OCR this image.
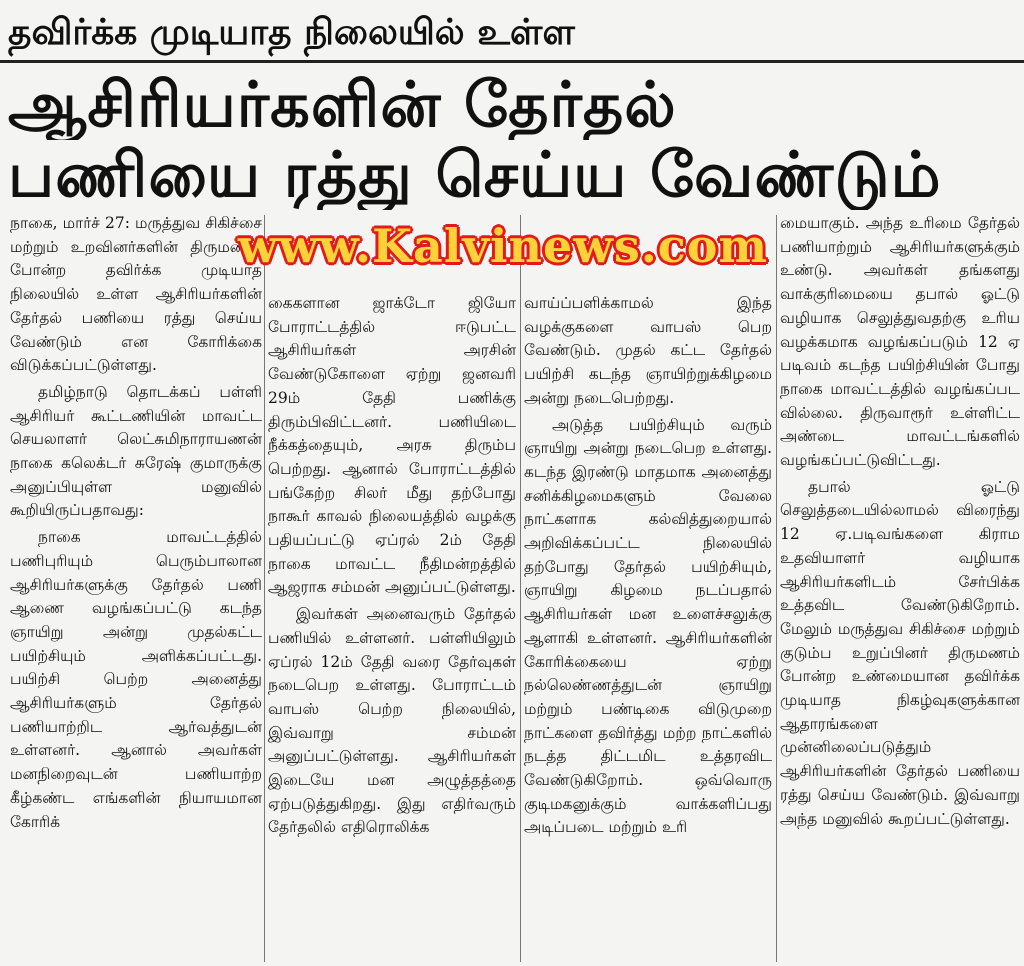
தவிர்க்க முடியாத நிலையில் உள்ள
ஆசிரியர்களின் தேர்தல்
பணியை ரத்து செய்ய வேண்டும்

நாகை, மார்ச் 27: மருத்துவ சிகிச்சை மற்றும் உறவினர்களின் திருமணம் போன்ற தவிர்க்க முடியாத நிலையில் உள்ள ஆசிரியர்களின் தேர்தல் பணியை ரத்து செய்ய வேண்டும் என கோரிக்கை விடுக்கப்பட்டுள்ளது.

தமிழ்நாடு தொடக்கப் பள்ளி ஆசிரியர் கூட்டணியின் மாவட்ட செயலாளர் லெட்சுமிநாராயணன் நாகை கலெக்டர் சுரேஷ் குமாருக்கு அனுப்பியுள்ள மனுவில் கூறியிருப்பதாவது:

நாகை மாவட்டத்தில் பணிபுரியும் பெரும்பாலான ஆசிரியர்களுக்கு தேர்தல் பணி ஆணை வழங்கப்பட்டு கடந்த ஞாயிறு அன்று முதல்கட்ட பயிற்சியும் அளிக்கப்பட்டது. பயிற்சி பெற்ற அனைத்து ஆசிரியர்களும் தேர்தல் பணியாற்றிட ஆர்வத்துடன் உள்ளனர். ஆனால் அவர்கள் மனநிறைவுடன் பணியாற்ற கீழ்கண்ட எங்களின் நியாயமான கோரிக்

கைகளான ஜாக்டோ ஜியோ போராட்டத்தில் ஈடுபட்ட ஆசிரியர்கள் அரசின் வேண்டுகோளை ஏற்று ஜனவரி 29ம் தேதி பணிக்கு திரும்பிவிட்டனர். பணியிடை நீக்கத்தையும், அரசு திரும்ப பெற்றது. ஆனால் போராட்டத்தில் பங்கேற்ற சிலர் மீது தற்போது நாகூர் காவல் நிலையத்தில் வழக்கு பதியப்பட்டு ஏப்ரல் 2ம் தேதி நாகை மாவட்ட நீதிமன்றத்தில் ஆஜராக சம்மன் அனுப்பட்டுள்ளது.

இவர்கள் அனைவரும் தேர்தல் பணியில் உள்ளனர். பள்ளியிலும் ஏப்ரல் 12ம் தேதி வரை தேர்வுகள் நடைபெற உள்ளது. போராட்டம் வாபஸ் பெற்ற நிலையில், இவ்வாறு சம்மன் அனுப்பட்டுள்ளது. ஆசிரியர்கள் இடையே மன அழுத்தத்தை ஏற்படுத்துகிறது. இது எதிர்வரும் தேர்தலில் எதிரொலிக்க

வாய்ப்பளிக்காமல் இந்த வழக்குகளை வாபஸ் பெற வேண்டும். முதல் கட்ட தேர்தல் பயிற்சி கடந்த ஞாயிற்றுக்கிழமை அன்று நடைபெற்றது.

அடுத்த பயிற்சியும் வரும் ஞாயிறு அன்று நடைபெற உள்ளது. கடந்த இரண்டு மாதமாக அனைத்து சனிக்கிழமைகளும் வேலை நாட்களாக கல்வித்துறையால் அறிவிக்கப்பட்ட நிலையில் தற்போது தேர்தல் பயிற்சியும், ஞாயிறு கிழமை நடப்பதால் ஆசிரியர்கள் மன உளைச்சலுக்கு ஆளாகி உள்ளனர். ஆசிரியர்களின் கோரிக்கையை ஏற்று நல்லெண்ணத்துடன் ஞாயிறு மற்றும் பண்டிகை விடுமுறை நாட்களை தவிர்த்து மற்ற நாட்களில் நடத்த திட்டமிட உத்தரவிட வேண்டுகிறோம். ஒவ்வொரு குடிமகனுக்கும் வாக்களிப்பது அடிப்படை மற்றும் உரி

மையாகும். அந்த உரிமை தேர்தல் பணியாற்றும் ஆசிரியர்களுக்கும் உண்டு. அவர்கள் தங்களது வாக்குரிமையை தபால் ஓட்டு வழியாக செலுத்துவதற்கு உரிய வழக்கமாக வழங்கப்படும் 12 ஏ படிவம் கடந்த பயிற்சியின் போது நாகை மாவட்டத்தில் வழங்கப்பட வில்லை. திருவாரூர் உள்ளிட்ட அண்டை மாவட்டங்களில் வழங்கப்பட்டுவிட்டது.

தபால் ஓட்டு செலுத்தடையில்லாமல் விரைந்து 12 ஏ.படிவங்களை கிராம உதவியாளர் வழியாக ஆசிரியர்களிடம் சேர்பிக்க உத்தவிட வேண்டுகிறோம். மேலும் மருத்துவ சிகிச்சை மற்றும் குடும்ப உறுப்பினர் திருமணம் போன்ற உண்மையான தவிர்க்க முடியாத நிகழ்வுகளுக்கான ஆதாரங்களை முன்னிலைப்படுத்தும் ஆசிரியர்களின் தேர்தல் பணியை ரத்து செய்ய வேண்டும். இவ்வாறு அந்த மனுவில் கூறப்பட்டுள்ளது.

www.Kalvinews.com
